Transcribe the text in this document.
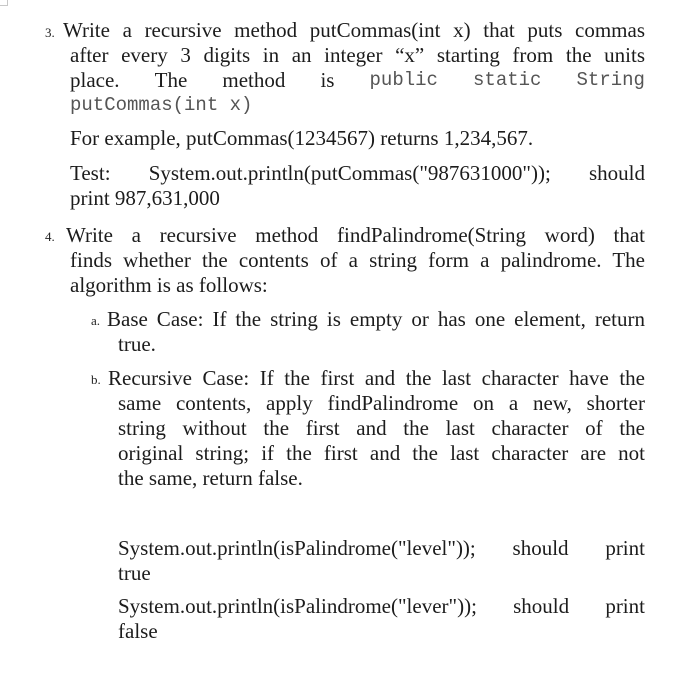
3. Write a recursive method putCommas(int x) that puts commas
after every 3 digits in an integer “x” starting from the units
place. The method is public static String
putCommas(int x)
For example, putCommas(1234567) returns 1,234,567.
Test: System.out.println(putCommas("987631000")); should
print 987,631,000
4. Write a recursive method findPalindrome(String word) that
finds whether the contents of a string form a palindrome. The
algorithm is as follows:
a. Base Case: If the string is empty or has one element, return
true.
b. Recursive Case: If the first and the last character have the
same contents, apply findPalindrome on a new, shorter
string without the first and the last character of the
original string; if the first and the last character are not
the same, return false.
System.out.println(isPalindrome("level")); should print
true
System.out.println(isPalindrome("lever")); should print
false
